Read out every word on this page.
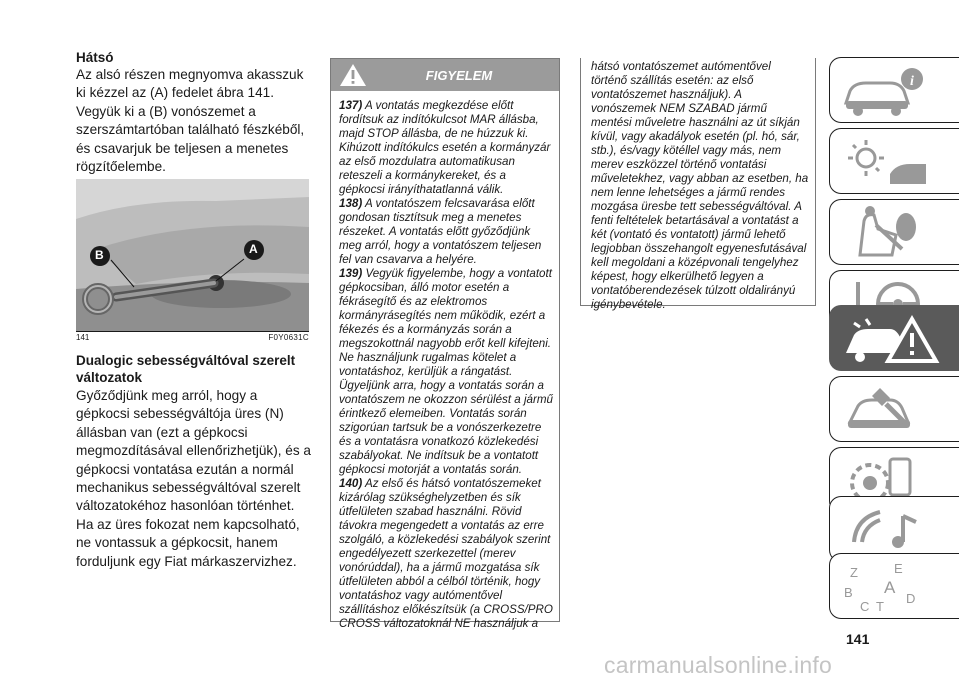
Hátsó

Az alsó részen megnyomva akasszuk ki kézzel az (A) fedelet ábra 141. Vegyük ki a (B) vonószemet a szerszámtartóban található fészkéből, és csavarjuk be teljesen a menetes rögzítőelembe.

A
B
141	F0Y0631C

Dualogic sebességváltóval szerelt változatok

Győződjünk meg arról, hogy a gépkocsi sebességváltója üres (N) állásban van (ezt a gépkocsi megmozdításával ellenőrizhetjük), és a gépkocsi vontatása ezután a normál mechanikus sebességváltóval szerelt változatokéhoz hasonlóan történhet. Ha az üres fokozat nem kapcsolható, ne vontassuk a gépkocsit, hanem forduljunk egy Fiat márkaszervizhez.

FIGYELEM
137) A vontatás megkezdése előtt fordítsuk az indítókulcsot MAR állásba, majd STOP állásba, de ne húzzuk ki. Kihúzott indítókulcs esetén a kormányzár az első mozdulatra automatikusan reteszeli a kormánykereket, és a gépkocsi irányíthatatlanná válik.
138) A vontatószem felcsavarása előtt gondosan tisztítsuk meg a menetes részeket. A vontatás előtt győződjünk meg arról, hogy a vontatószem teljesen fel van csavarva a helyére.
139) Vegyük figyelembe, hogy a vontatott gépkocsiban, álló motor esetén a fékrásegítő és az elektromos kormányrásegítés nem működik, ezért a fékezés és a kormányzás során a megszokottnál nagyobb erőt kell kifejteni. Ne használjunk rugalmas kötelet a vontatáshoz, kerüljük a rángatást. Ügyeljünk arra, hogy a vontatás során a vontatószem ne okozzon sérülést a jármű érintkező elemeiben. Vontatás során szigorúan tartsuk be a vonószerkezetre és a vontatásra vonatkozó közlekedési szabályokat. Ne indítsuk be a vontatott gépkocsi motorját a vontatás során.
140) Az első és hátsó vontatószemeket kizárólag szükséghelyzetben és sík útfelületen szabad használni. Rövid távokra megengedett a vontatás az erre szolgáló, a közlekedési szabályok szerint engedélyezett szerkezettel (merev vonórúddal), ha a jármű mozgatása sík útfelületen abból a célból történik, hogy vontatáshoz vagy autómentővel szállításhoz előkészítsük (a CROSS/PRO CROSS változatoknál NE használjuk a
hátsó vontatószemet autómentővel történő szállítás esetén: az első vontatószemet használjuk). A vonószemek NEM SZABAD jármű mentési műveletre használni az út síkján kívül, vagy akadályok esetén (pl. hó, sár, stb.), és/vagy kötéllel vagy más, nem merev eszközzel történő vontatási műveletekhez, vagy abban az esetben, ha nem lenne lehetséges a jármű rendes mozgása üresbe tett sebességváltóval. A fenti feltételek betartásával a vontatást a két (vontató és vontatott) jármű lehető legjobban összehangolt egyenesfutásával kell megoldani a középvonali tengelyhez képest, hogy elkerülhető legyen a vontatóberendezések túlzott oldalirányú igénybevétele.
i
Z	E
B A
C T
D
141
carmanualsonline.info
